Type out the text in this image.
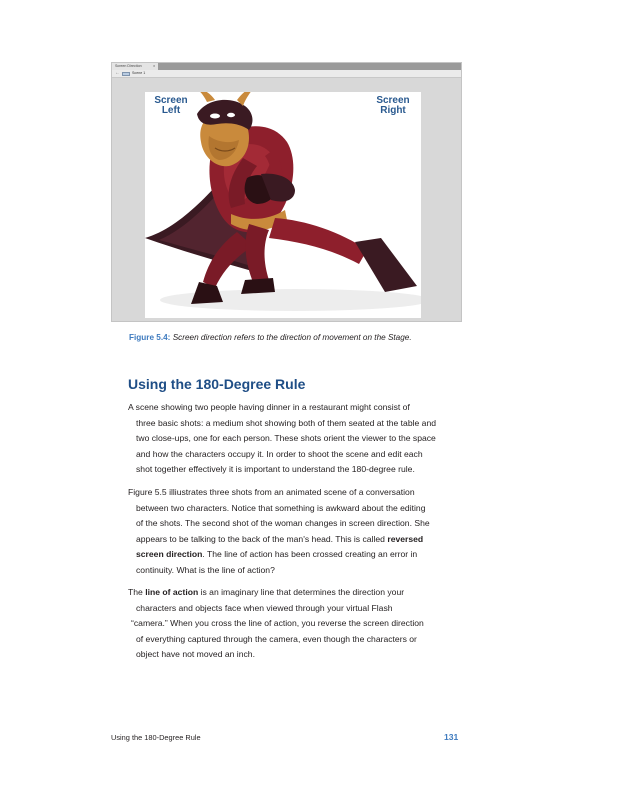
Screen Direction	x
←	Scene 1
Screen
Left
Screen
Right
Figure 5.4: Screen direction refers to the direction of movement on the Stage.
Using the 180-Degree Rule

A scene showing two people having dinner in a restaurant might consist of
three basic shots: a medium shot showing both of them seated at the table and
two close-ups, one for each person. These shots orient the viewer to the space
and how the characters occupy it. In order to shoot the scene and edit each
shot together effectively it is important to understand the 180-degree rule.

Figure 5.5 illiustrates three shots from an animated scene of a conversation
between two characters. Notice that something is awkward about the editing
of the shots. The second shot of the woman changes in screen direction. She
appears to be talking to the back of the man's head. This is called reversed
screen direction. The line of action has been crossed creating an error in
continuity. What is the line of action?

The line of action is an imaginary line that determines the direction your
characters and objects face when viewed through your virtual Flash
“camera.” When you cross the line of action, you reverse the screen direction
of everything captured through the camera, even though the characters or
object have not moved an inch.

Using the 180-Degree Rule	131
